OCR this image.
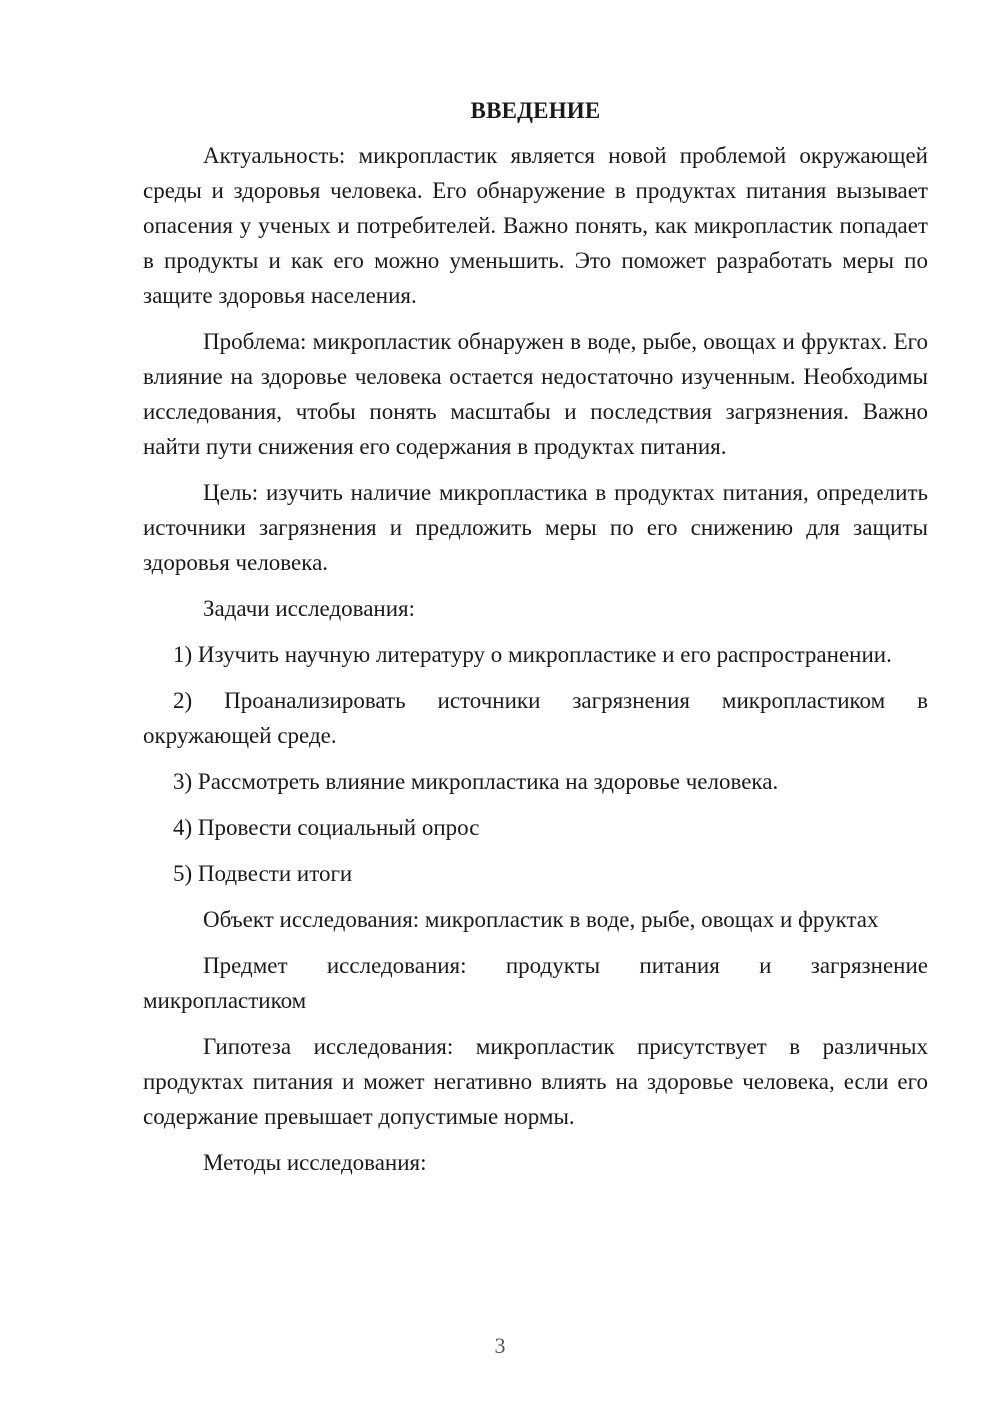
ВВЕДЕНИЕ

Актуальность: микропластик является новой проблемой окружающей среды и здоровья человека. Его обнаружение в продуктах питания вызывает опасения у ученых и потребителей. Важно понять, как микропластик попадает в продукты и как его можно уменьшить. Это поможет разработать меры по защите здоровья населения.

Проблема: микропластик обнаружен в воде, рыбе, овощах и фруктах. Его влияние на здоровье человека остается недостаточно изученным. Необходимы исследования, чтобы понять масштабы и последствия загрязнения. Важно найти пути снижения его содержания в продуктах питания.

Цель: изучить наличие микропластика в продуктах питания, определить источники загрязнения и предложить меры по его снижению для защиты здоровья человека.

Задачи исследования:

1) Изучить научную литературу о микропластике и его распространении.

2) Проанализировать источники загрязнения микропластиком в окружающей среде.

3) Рассмотреть влияние микропластика на здоровье человека.

4) Провести социальный опрос

5) Подвести итоги

Объект исследования: микропластик в воде, рыбе, овощах и фруктах

Предмет исследования: продукты питания и загрязнение микропластиком

Гипотеза исследования: микропластик присутствует в различных продуктах питания и может негативно влиять на здоровье человека, если его содержание превышает допустимые нормы.

Методы исследования:

3
